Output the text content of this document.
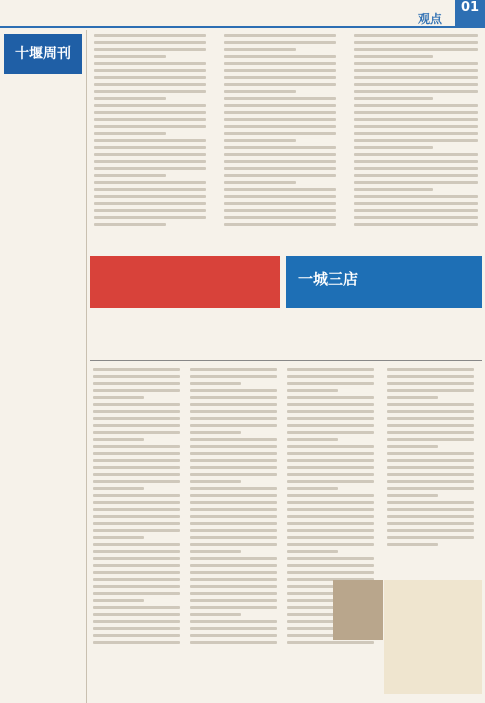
观点
01
十堰周刊
一城三店
